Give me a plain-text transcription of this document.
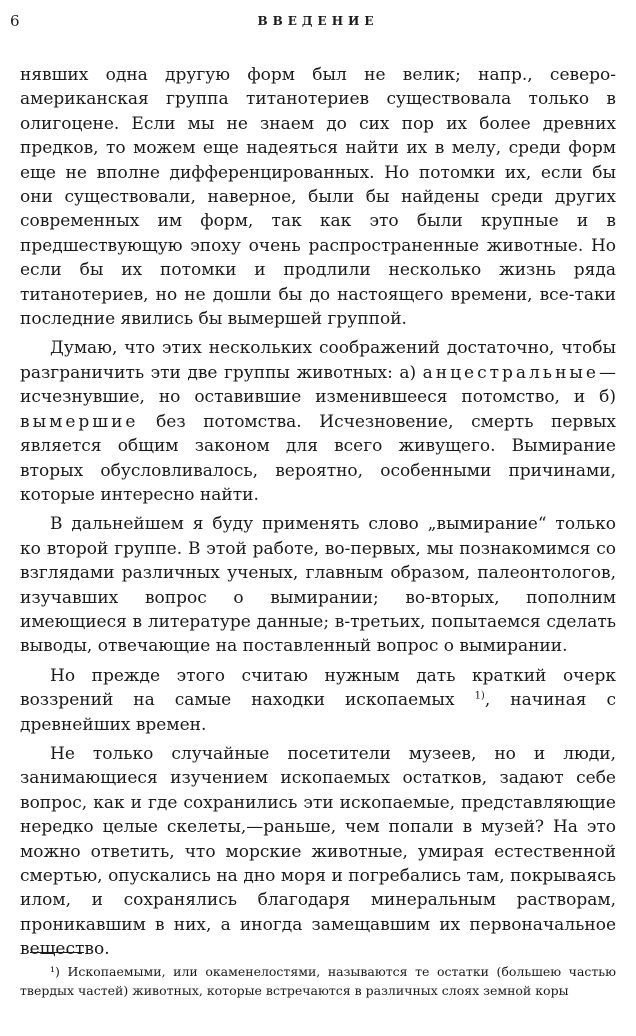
6	ВВЕДЕНИЕ

нявших одна другую форм был не велик; напр., северо-американская группа титанотериев существовала только в олигоцене. Если мы не знаем до сих пор их более древних предков, то можем еще надеяться найти их в мелу, среди форм еще не вполне дифференцированных. Но потомки их, если бы они существовали, наверное, были бы найдены среди других современных им форм, так как это были крупные и в предшествующую эпоху очень распространенные животные. Но если бы их потомки и продлили несколько жизнь ряда титанотериев, но не дошли бы до настоящего времени, все-таки последние явились бы вымершей группой.

Думаю, что этих нескольких соображений достаточно, чтобы разграничить эти две группы животных: а) анцестральные—исчезнувшие, но оставившие изменившееся потомство, и б) вымершие без потомства. Исчезновение, смерть первых является общим законом для всего живущего. Вымирание вторых обусловливалось, вероятно, особенными причинами, которые интересно найти.

В дальнейшем я буду применять слово „вымирание“ только ко второй группе. В этой работе, во-первых, мы познакомимся со взглядами различных ученых, главным образом, палеонтологов, изучавших вопрос о вымирании; во-вторых, пополним имеющиеся в литературе данные; в-третьих, попытаемся сделать выводы, отвечающие на поставленный вопрос о вымирании.

Но прежде этого считаю нужным дать краткий очерк воззрений на самые находки ископаемых $^{1)}$, начиная с древнейших времен.

Не только случайные посетители музеев, но и люди, занимающиеся изучением ископаемых остатков, задают себе вопрос, как и где сохранились эти ископаемые, представляющие нередко целые скелеты,—раньше, чем попали в музей? На это можно ответить, что морские животные, умирая естественной смертью, опускались на дно моря и погребались там, покрываясь илом, и сохранялись благодаря минеральным растворам, проникавшим в них, а иногда замещавшим их первоначальное вещество.

¹) Ископаемыми, или окаменелостями, называются те остатки (большею частью твердых частей) животных, которые встречаются в различных слоях земной коры
